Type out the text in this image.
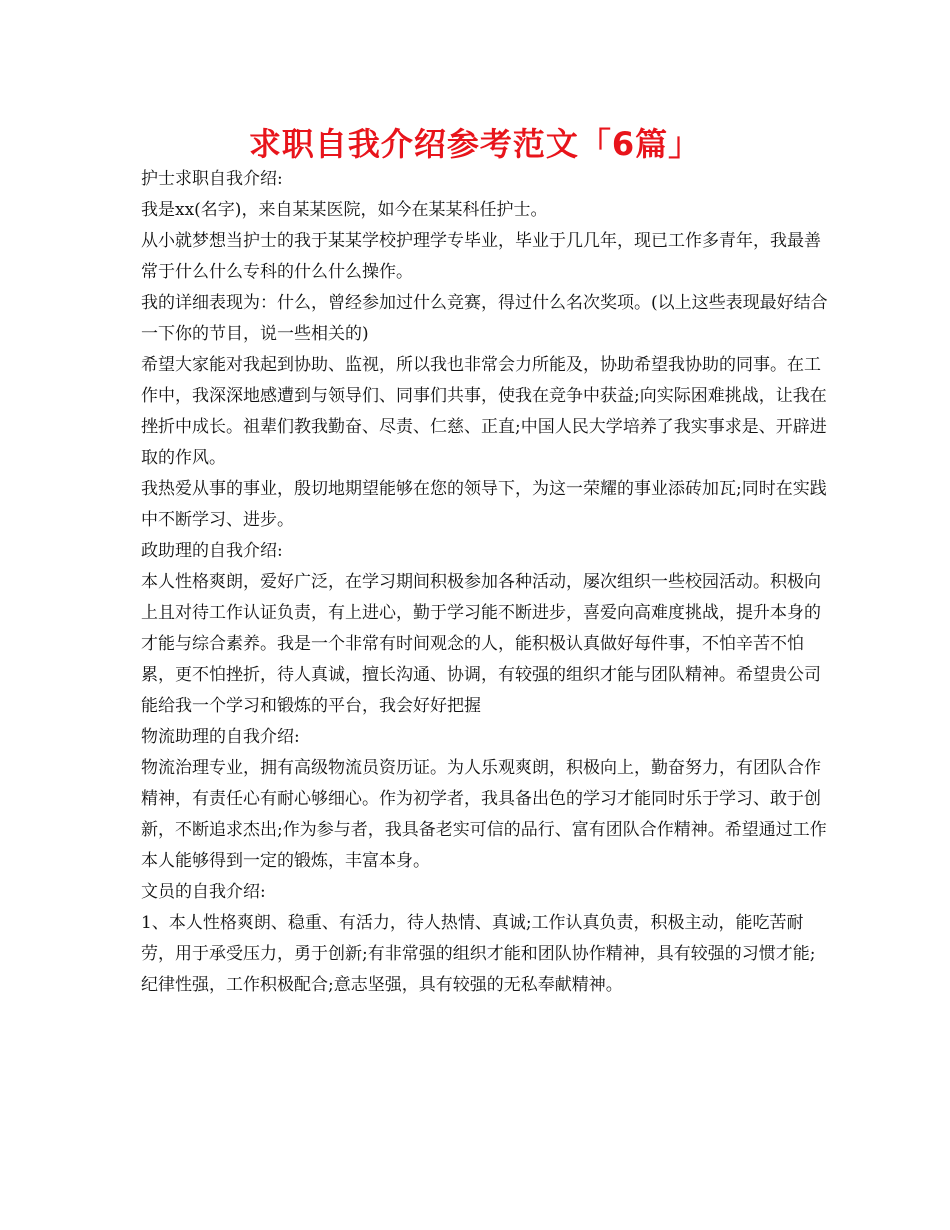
求职自我介绍参考范文「6篇」

护士求职自我介绍:

我是xx(名字)，来自某某医院，如今在某某科任护士。

从小就梦想当护士的我于某某学校护理学专毕业，毕业于几几年，现已工作多青年，我最善常于什么什么专科的什么什么操作。

我的详细表现为：什么，曾经参加过什么竞赛，得过什么名次奖项。(以上这些表现最好结合一下你的节目，说一些相关的)

希望大家能对我起到协助、监视，所以我也非常会力所能及，协助希望我协助的同事。在工作中，我深深地感遭到与领导们、同事们共事，使我在竞争中获益;向实际困难挑战，让我在挫折中成长。祖辈们教我勤奋、尽责、仁慈、正直;中国人民大学培养了我实事求是、开辟进取的作风。

我热爱从事的事业，殷切地期望能够在您的领导下，为这一荣耀的事业添砖加瓦;同时在实践中不断学习、进步。

政助理的自我介绍:

本人性格爽朗，爱好广泛，在学习期间积极参加各种活动，屡次组织一些校园活动。积极向上且对待工作认证负责，有上进心，勤于学习能不断进步，喜爱向高难度挑战，提升本身的才能与综合素养。我是一个非常有时间观念的人，能积极认真做好每件事，不怕辛苦不怕累，更不怕挫折，待人真诚，擅长沟通、协调，有较强的组织才能与团队精神。希望贵公司能给我一个学习和锻炼的平台，我会好好把握

物流助理的自我介绍:

物流治理专业，拥有高级物流员资历证。为人乐观爽朗，积极向上，勤奋努力，有团队合作精神，有责任心有耐心够细心。作为初学者，我具备出色的学习才能同时乐于学习、敢于创新，不断追求杰出;作为参与者，我具备老实可信的品行、富有团队合作精神。希望通过工作本人能够得到一定的锻炼，丰富本身。

文员的自我介绍:

1、本人性格爽朗、稳重、有活力，待人热情、真诚;工作认真负责，积极主动，能吃苦耐劳，用于承受压力，勇于创新;有非常强的组织才能和团队协作精神，具有较强的习惯才能;纪律性强，工作积极配合;意志坚强，具有较强的无私奉献精神。
